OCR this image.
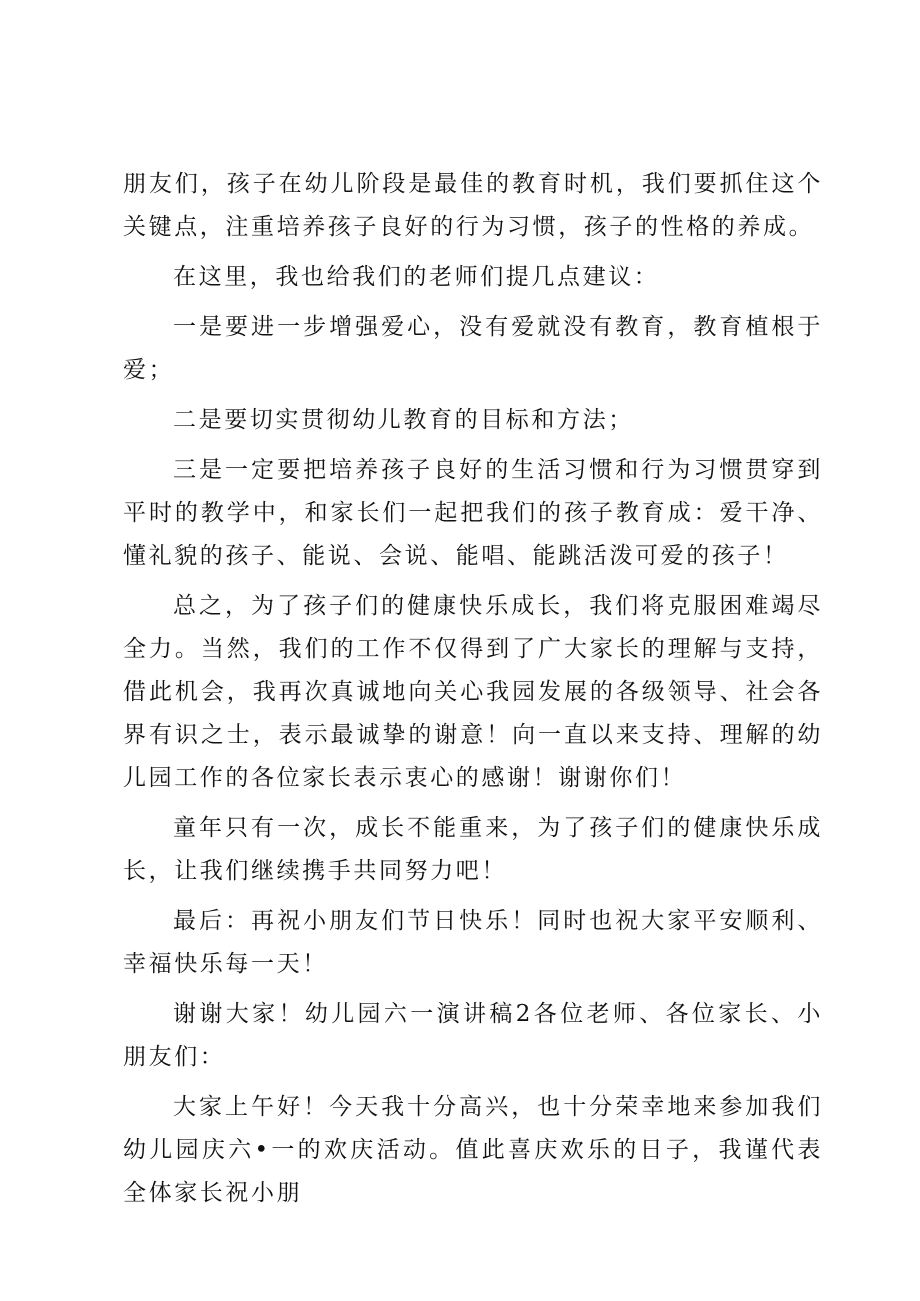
朋友们，孩子在幼儿阶段是最佳的教育时机，我们要抓住这个关键点，注重培养孩子良好的行为习惯，孩子的性格的养成。

在这里，我也给我们的老师们提几点建议：

一是要进一步增强爱心，没有爱就没有教育，教育植根于爱；

二是要切实贯彻幼儿教育的目标和方法；

三是一定要把培养孩子良好的生活习惯和行为习惯贯穿到平时的教学中，和家长们一起把我们的孩子教育成：爱干净、懂礼貌的孩子、能说、会说、能唱、能跳活泼可爱的孩子！

总之，为了孩子们的健康快乐成长，我们将克服困难竭尽全力。当然，我们的工作不仅得到了广大家长的理解与支持，借此机会，我再次真诚地向关心我园发展的各级领导、社会各界有识之士，表示最诚挚的谢意！向一直以来支持、理解的幼儿园工作的各位家长表示衷心的感谢！谢谢你们！

童年只有一次，成长不能重来，为了孩子们的健康快乐成长，让我们继续携手共同努力吧！

最后：再祝小朋友们节日快乐！同时也祝大家平安顺利、幸福快乐每一天！

谢谢大家！幼儿园六一演讲稿2各位老师、各位家长、小朋友们：

大家上午好！今天我十分高兴，也十分荣幸地来参加我们幼儿园庆六•一的欢庆活动。值此喜庆欢乐的日子，我谨代表全体家长祝小朋
